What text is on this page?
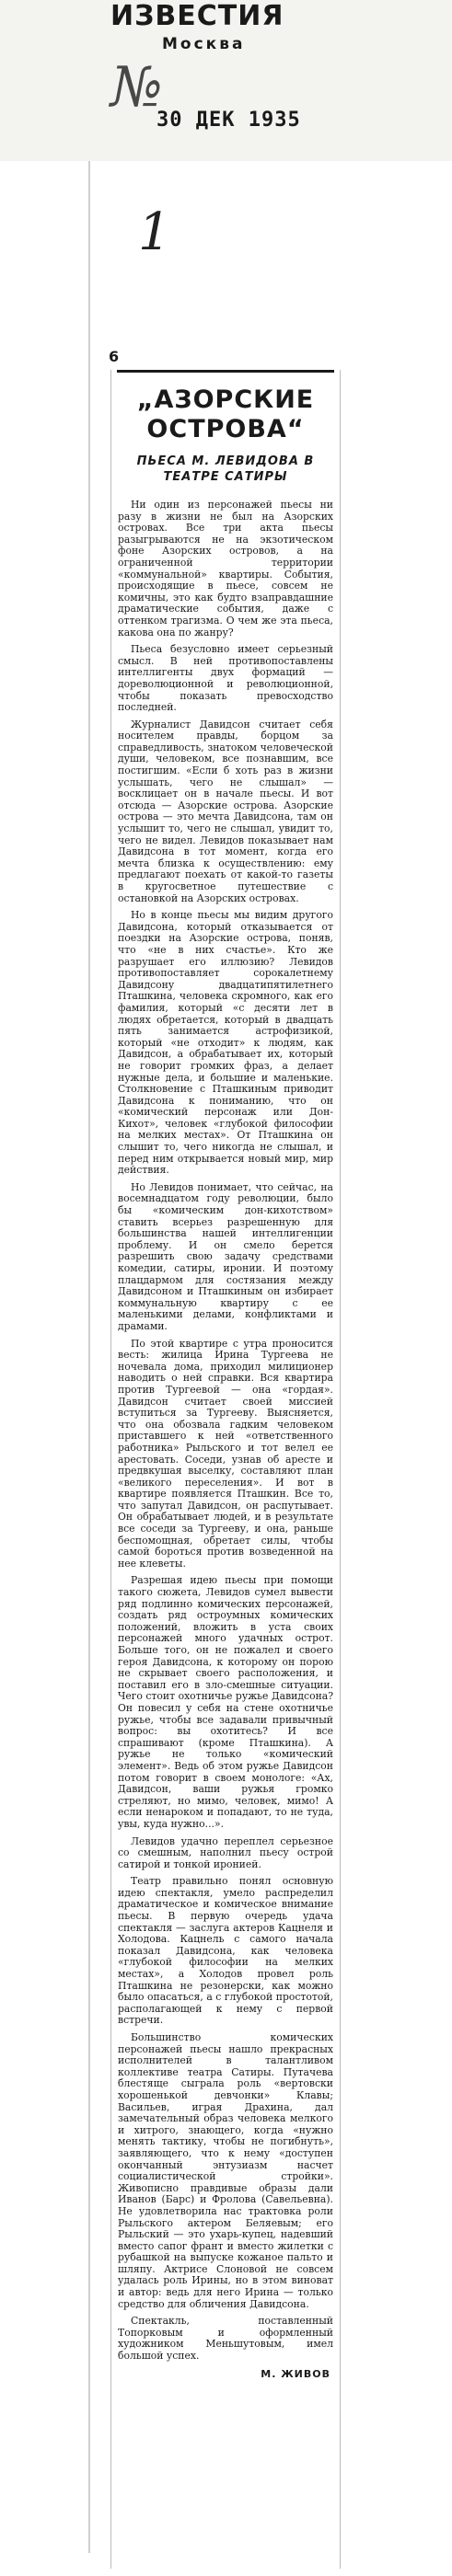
ИЗВЕСТИЯ
Москва
№
30 ДЕК 1935
1
6
„АЗОРСКИЕ ОСТРОВА“
ПЬЕСА М. ЛЕВИДОВА В ТЕАТРЕ САТИРЫ

Ни один из персонажей пьесы ни разу в жизни не был на Азорских островах. Все три акта пьесы разыгрываются не на экзотическом фоне Азорских островов, а на ограниченной территории «коммунальной» квартиры. События, происходящие в пьесе, совсем не комичны, это как будто взаправдашние драматические события, даже с оттенком трагизма. О чем же эта пьеса, какова она по жанру?

Пьеса безусловно имеет серьезный смысл. В ней противопоставлены интеллигенты двух формаций — дореволюционной и революционной, чтобы показать превосходство последней.

Журналист Давидсон считает себя носителем правды, борцом за справедливость, знатоком человеческой души, человеком, все познавшим, все постигшим. «Если б хоть раз в жизни услышать, чего не слышал» — восклицает он в начале пьесы. И вот отсюда — Азорские острова. Азорские острова — это мечта Давидсона, там он услышит то, чего не слышал, увидит то, чего не видел. Левидов показывает нам Давидсона в тот момент, когда его мечта близка к осуществлению: ему предлагают поехать от какой-то газеты в кругосветное путешествие с остановкой на Азорских островах.

Но в конце пьесы мы видим другого Давидсона, который отказывается от поездки на Азорские острова, поняв, что «не в них счастье». Кто же разрушает его иллюзию? Левидов противопоставляет сорокалетнему Давидсону двадцатипятилетнего Пташкина, человека скромного, как его фамилия, который «с десяти лет в людях обретается, который в двадцать пять занимается астрофизикой, который «не отходит» к людям, как Давидсон, а обрабатывает их, который не говорит громких фраз, а делает нужные дела, и большие и маленькие. Столкновение с Пташкиным приводит Давидсона к пониманию, что он «комический персонаж или Дон-Кихот», человек «глубокой философии на мелких местах». От Пташкина он слышит то, чего никогда не слышал, и перед ним открывается новый мир, мир действия.

Но Левидов понимает, что сейчас, на восемнадцатом году революции, было бы «комическим дон-кихотством» ставить всерьез разрешенную для большинства нашей интеллигенции проблему. И он смело берется разрешить свою задачу средствами комедии, сатиры, иронии. И поэтому плацдармом для состязания между Давидсоном и Пташкиным он избирает коммунальную квартиру с ее маленькими делами, конфликтами и драмами.

По этой квартире с утра проносится весть: жилица Ирина Тургеева не ночевала дома, приходил милиционер наводить о ней справки. Вся квартира против Тургеевой — она «гордая». Давидсон считает своей миссией вступиться за Тургееву. Выясняется, что она обозвала гадким человеком приставшего к ней «ответственного работника» Рыльского и тот велел ее арестовать. Соседи, узнав об аресте и предвкушая выселку, составляют план «великого переселения». И вот в квартире появляется Пташкин. Все то, что запутал Давидсон, он распутывает. Он обрабатывает людей, и в результате все соседи за Тургееву, и она, раньше беспомощная, обретает силы, чтобы самой бороться против возведенной на нее клеветы.

Разрешая идею пьесы при помощи такого сюжета, Левидов сумел вывести ряд подлинно комических персонажей, создать ряд остроумных комических положений, вложить в уста своих персонажей много удачных острот. Больше того, он не пожалел и своего героя Давидсона, к которому он порою не скрывает своего расположения, и поставил его в зло-смешные ситуации. Чего стоит охотничье ружье Давидсона? Он повесил у себя на стене охотничье ружье, чтобы все задавали привычный вопрос: вы охотитесь? И все спрашивают (кроме Пташкина). А ружье не только «комический элемент». Ведь об этом ружье Давидсон потом говорит в своем монологе: «Ах, Давидсон, ваши ружья громко стреляют, но мимо, человек, мимо! А если ненароком и попадают, то не туда, увы, куда нужно...».

Левидов удачно переплел серьезное со смешным, наполнил пьесу острой сатирой и тонкой иронией.

Театр правильно понял основную идею спектакля, умело распределил драматическое и комическое внимание пьесы. В первую очередь удача спектакля — заслуга актеров Кацнеля и Холодова. Кацнель с самого начала показал Давидсона, как человека «глубокой философии на мелких местах», а Холодов провел роль Пташкина не резонерски, как можно было опасаться, а с глубокой простотой, располагающей к нему с первой встречи.

Большинство комических персонажей пьесы нашло прекрасных исполнителей в талантливом коллективе театра Сатиры. Путачева блестяще сыграла роль «вертовски хорошенькой девчонки» Клавы; Васильев, играя Драхина, дал замечательный образ человека мелкого и хитрого, знающего, когда «нужно менять тактику, чтобы не погибнуть», заявляющего, что к нему «доступен окончанный энтузиазм насчет социалистической стройки». Живописно правдивые образы дали Иванов (Барс) и Фролова (Савельевна). Не удовлетворила нас трактовка роли Рыльского актером Беляевым; его Рыльский — это ухарь-купец, надевший вместо сапог франт и вместо жилетки с рубашкой на выпуске кожаное пальто и шляпу. Актрисе Слоновой не совсем удалась роль Ирины, но в этом виноват и автор: ведь для него Ирина — только средство для обличения Давидсона.

Спектакль, поставленный Топорковым и оформленный художником Меньшутовым, имел большой успех.

М. ЖИВОВ
